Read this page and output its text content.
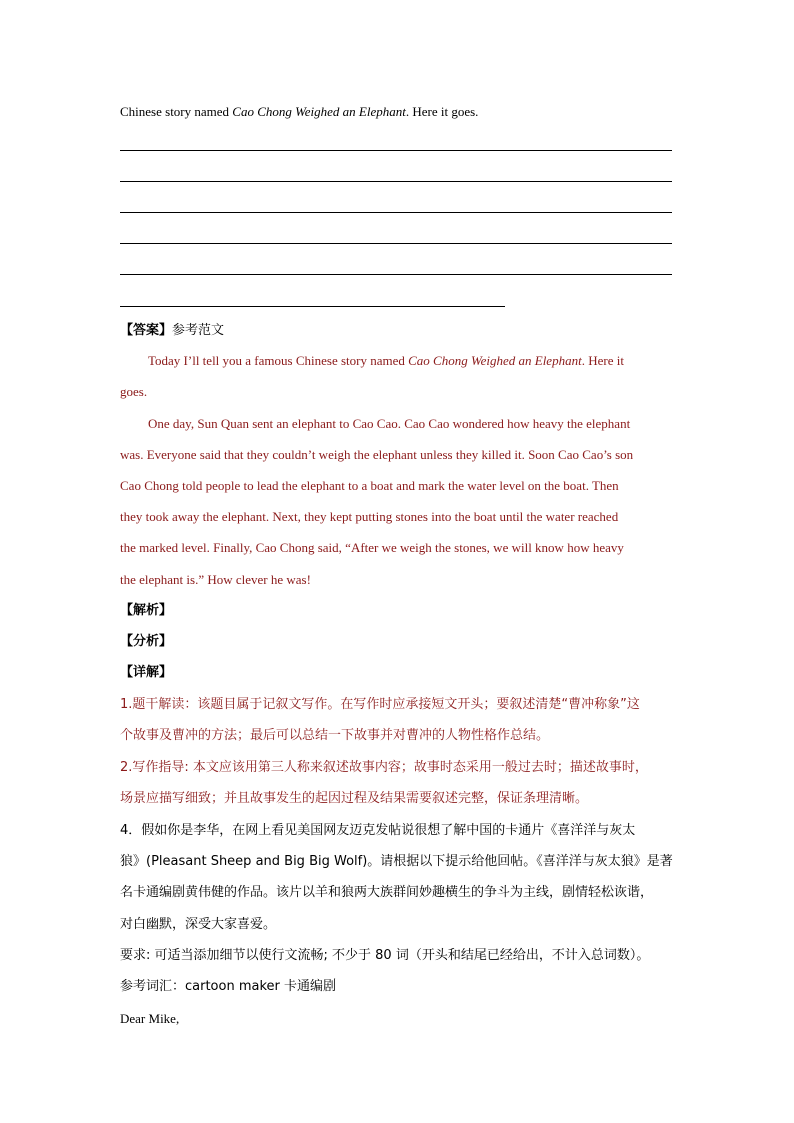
Chinese story named Cao Chong Weighed an Elephant. Here it goes.
【答案】参考范文
Today I’ll tell you a famous Chinese story named Cao Chong Weighed an Elephant. Here it
goes.
One day, Sun Quan sent an elephant to Cao Cao. Cao Cao wondered how heavy the elephant
was. Everyone said that they couldn’t weigh the elephant unless they killed it. Soon Cao Cao’s son
Cao Chong told people to lead the elephant to a boat and mark the water level on the boat. Then
they took away the elephant. Next, they kept putting stones into the boat until the water reached
the marked level. Finally, Cao Chong said, “After we weigh the stones, we will know how heavy
the elephant is.” How clever he was!
【解析】
【分析】
【详解】
1.题干解读：该题目属于记叙文写作。在写作时应承接短文开头；要叙述清楚“曹冲称象”这
个故事及曹冲的方法；最后可以总结一下故事并对曹冲的人物性格作总结。
2.写作指导: 本文应该用第三人称来叙述故事内容；故事时态采用一般过去时；描述故事时，
场景应描写细致；并且故事发生的起因过程及结果需要叙述完整，保证条理清晰。
4．假如你是李华，在网上看见美国网友迈克发帖说很想了解中国的卡通片《喜洋洋与灰太
狼》(Pleasant Sheep and Big Big Wolf)。请根据以下提示给他回帖。《喜洋洋与灰太狼》是著
名卡通编剧黄伟健的作品。该片以羊和狼两大族群间妙趣横生的争斗为主线，剧情轻松诙谐，
对白幽默，深受大家喜爱。
要求: 可适当添加细节以使行文流畅; 不少于 80 词（开头和结尾已经给出，不计入总词数）。
参考词汇：cartoon maker 卡通编剧
Dear Mike,
